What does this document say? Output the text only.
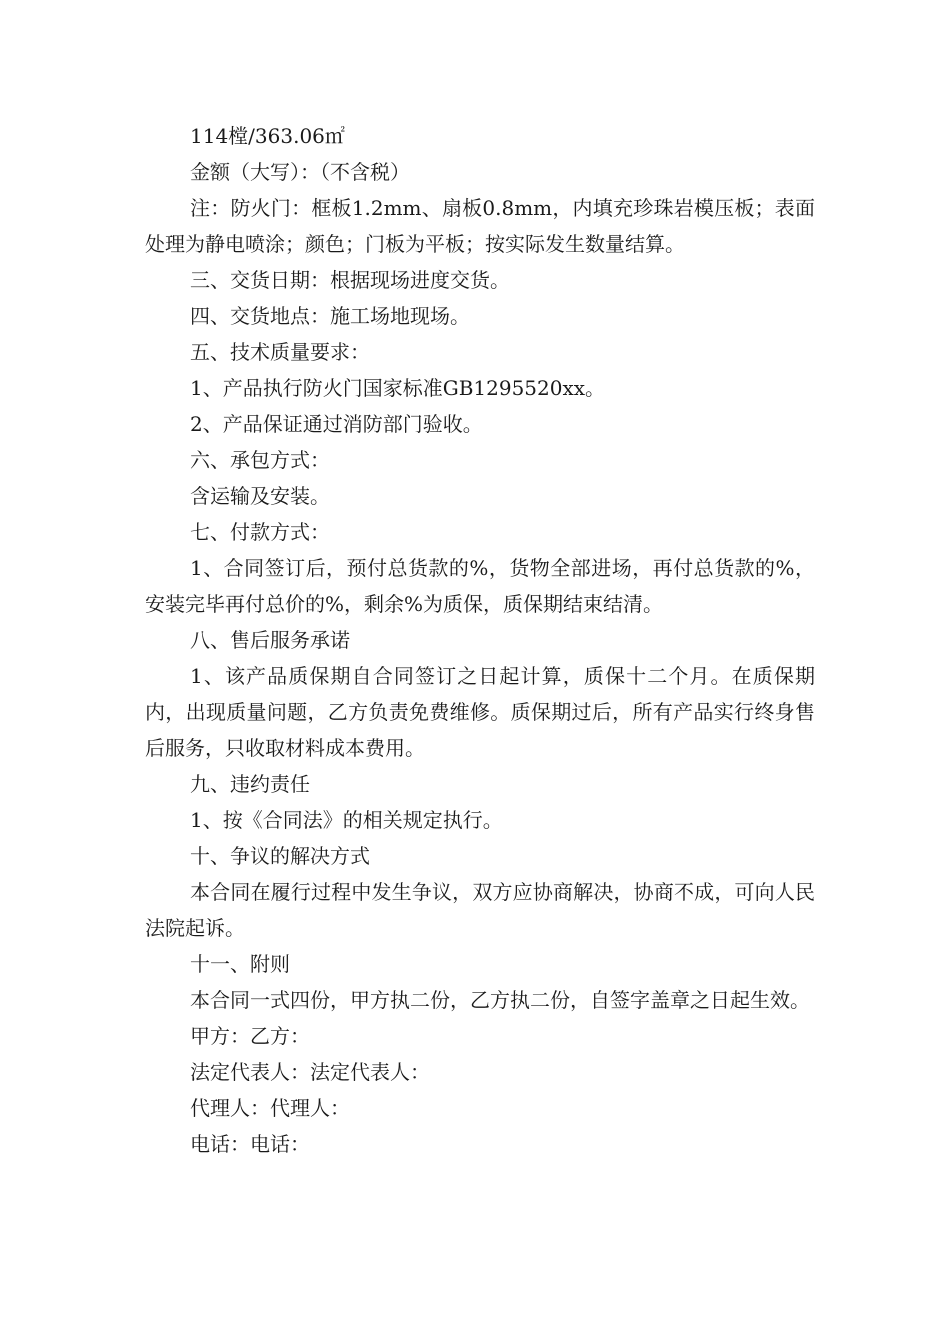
114樘/363.06㎡

金额（大写）：（不含税）

注：防火门：框板1.2mm、扇板0.8mm，内填充珍珠岩模压板；表面处理为静电喷涂；颜色；门板为平板；按实际发生数量结算。

三、交货日期：根据现场进度交货。

四、交货地点：施工场地现场。

五、技术质量要求：

1、产品执行防火门国家标准GB1295520xx。

2、产品保证通过消防部门验收。

六、承包方式：

含运输及安装。

七、付款方式：

1、合同签订后，预付总货款的%，货物全部进场，再付总货款的%，安装完毕再付总价的%，剩余%为质保，质保期结束结清。

八、售后服务承诺

1、该产品质保期自合同签订之日起计算，质保十二个月。在质保期内，出现质量问题，乙方负责免费维修。质保期过后，所有产品实行终身售后服务，只收取材料成本费用。

九、违约责任

1、按《合同法》的相关规定执行。

十、争议的解决方式

本合同在履行过程中发生争议，双方应协商解决，协商不成，可向人民法院起诉。

十一、附则

本合同一式四份，甲方执二份，乙方执二份，自签字盖章之日起生效。

甲方：乙方：

法定代表人：法定代表人：

代理人：代理人：

电话：电话：
